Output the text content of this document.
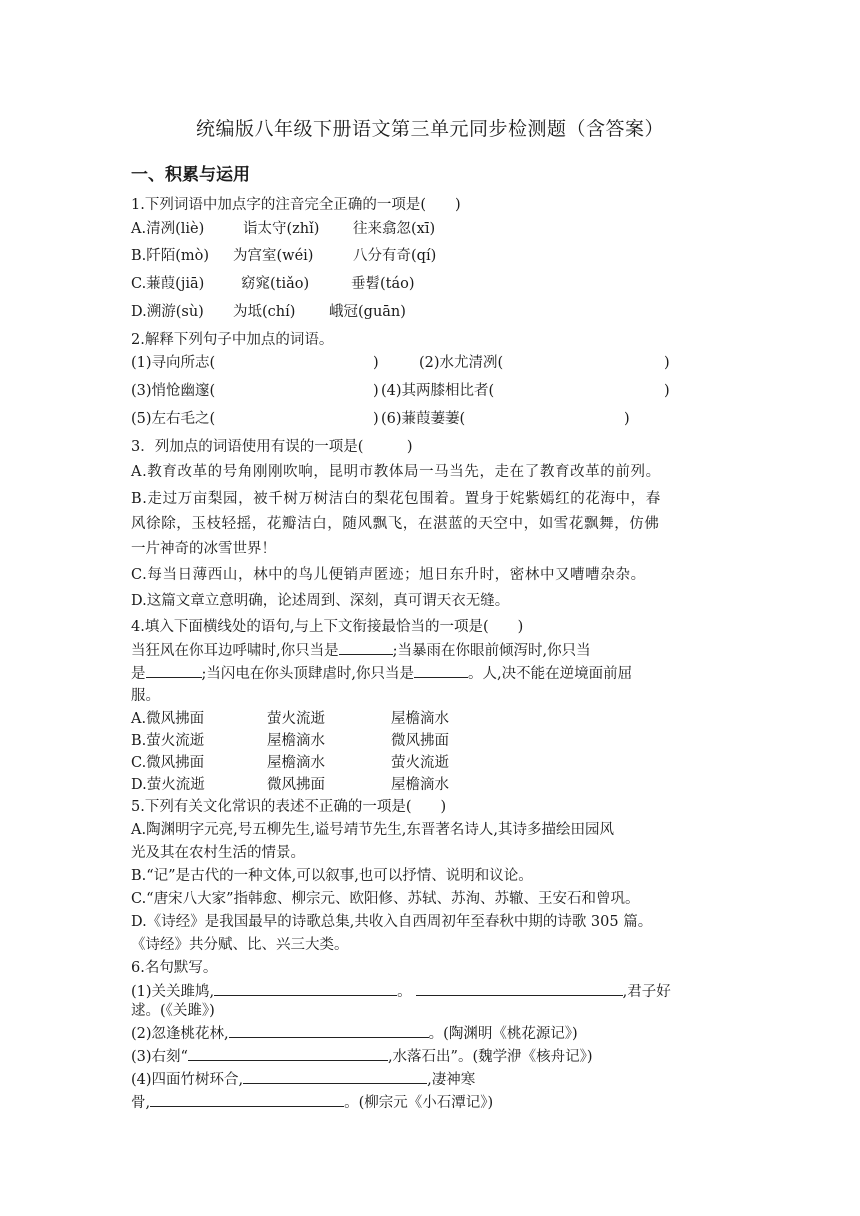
统编版八年级下册语文第三单元同步检测题（含答案）
一、积累与运用
1.下列词语中加点字的注音完全正确的一项是(　　)
A.清冽(liè)	诣太守(zhǐ) 往来翕忽(xī)
B.阡陌(mò) 为宫室(wéi)	八分有奇(qí)
C.蒹葭(jiā)	窈窕(tiǎo)	垂髫(táo)
D.溯游(sù) 为坻(chí) 峨冠(guān)
2.解释下列句子中加点的词语。
(1)寻向所志(	)	(2)水尤清冽(	)
(3)悄怆幽邃(	) (4)其两膝相比者(	)
(5)左右毛之(	) (6)蒹葭萋萋(	)
3．列加点的词语使用有误的一项是(　　　)
A.教育改革的号角刚刚吹响，昆明市教体局一马当先，走在了教育改革的前列。
B.走过万亩梨园，被千树万树洁白的梨花包围着。置身于姹紫嫣红的花海中，春
风徐除，玉枝轻摇，花瓣洁白，随风飘飞，在湛蓝的天空中，如雪花飘舞，仿佛
一片神奇的冰雪世界！
C.每当日薄西山，林中的鸟儿便销声匿迹；旭日东升时，密林中又嘈嘈杂杂。
D.这篇文章立意明确，论述周到、深刻，真可谓天衣无缝。
4.填入下面横线处的语句,与上下文衔接最恰当的一项是(　　)
当狂风在你耳边呼啸时,你只当是	;当暴雨在你眼前倾泻时,你只当
是	;当闪电在你头顶肆虐时,你只当是	。人,决不能在逆境面前屈
服。
A.微风拂面	萤火流逝	屋檐滴水
B.萤火流逝	屋檐滴水	微风拂面
C.微风拂面	屋檐滴水	萤火流逝
D.萤火流逝	微风拂面	屋檐滴水
5.下列有关文化常识的表述不正确的一项是(　　)
A.陶渊明字元亮,号五柳先生,谥号靖节先生,东晋著名诗人,其诗多描绘田园风
光及其在农村生活的情景。
B.“记”是古代的一种文体,可以叙事,也可以抒情、说明和议论。
C.“唐宋八大家”指韩愈、柳宗元、欧阳修、苏轼、苏洵、苏辙、王安石和曾巩。
D.《诗经》是我国最早的诗歌总集,共收入自西周初年至春秋中期的诗歌 305 篇。
《诗经》共分赋、比、兴三大类。
6.名句默写。
(1)关关雎鸠,	。	,君子好
逑。(《关雎》)
(2)忽逢桃花林,	。(陶渊明《桃花源记》)
(3)右刻“	,水落石出”。(魏学洢《核舟记》)
(4)四面竹树环合,	,凄神寒
骨,	。(柳宗元《小石潭记》)
